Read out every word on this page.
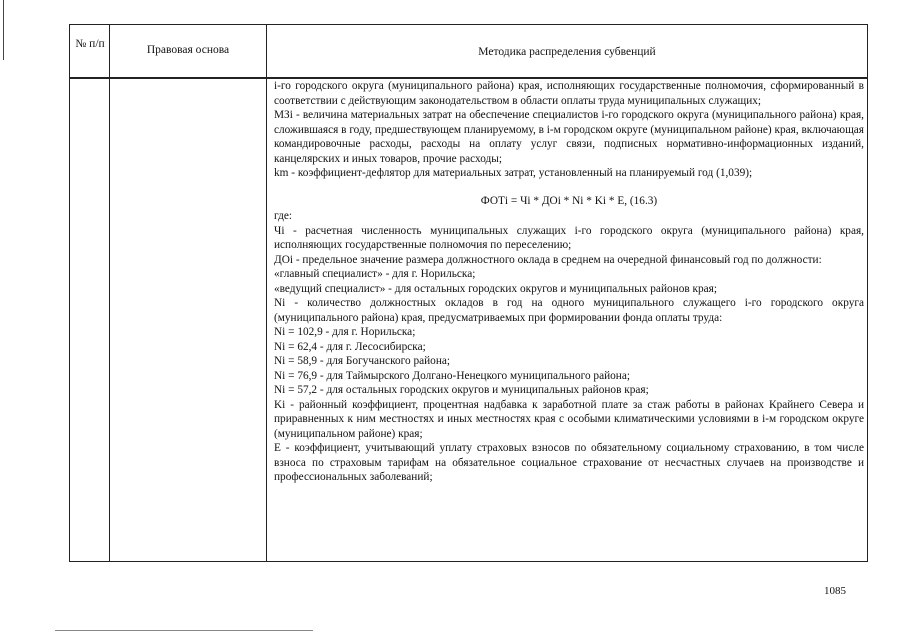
№ п/п	Правовая основа	Методика распределения субвенций

i-го городского округа (муниципального района) края, исполняющих государственные полномочия, сформированный в соответствии с действующим законодательством в области оплаты труда муниципальных служащих;

МЗi - величина материальных затрат на обеспечение специалистов i-го городского округа (муниципального района) края, сложившаяся в году, предшествующем планируемому, в i-м городском округе (муниципальном районе) края, включающая командировочные расходы, расходы на оплату услуг связи, подписных нормативно-информационных изданий, канцелярских и иных товаров, прочие расходы;

km - коэффициент-дефлятор для материальных затрат, установленный на планируемый год (1,039);

ФОТi = Чi * ДОi * Ni * Ki * Е, (16.3)

где:

Чi - расчетная численность муниципальных служащих i-го городского округа (муниципального района) края, исполняющих государственные полномочия по переселению;

ДОi - предельное значение размера должностного оклада в среднем на очередной финансовый год по должности:

«главный специалист» - для г. Норильска;

«ведущий специалист» - для остальных городских округов и муниципальных районов края;

Ni - количество должностных окладов в год на одного муниципального служащего i-го городского округа (муниципального района) края, предусматриваемых при формировании фонда оплаты труда:

Ni = 102,9 - для г. Норильска;

Ni = 62,4 - для г. Лесосибирска;

Ni = 58,9 - для Богучанского района;

Ni = 76,9 - для Таймырского Долгано-Ненецкого муниципального района;

Ni = 57,2 - для остальных городских округов и муниципальных районов края;

Ki - районный коэффициент, процентная надбавка к заработной плате за стаж работы в районах Крайнего Севера и приравненных к ним местностях и иных местностях края с особыми климатическими условиями в i-м городском округе (муниципальном районе) края;

Е - коэффициент, учитывающий уплату страховых взносов по обязательному социальному страхованию, в том числе взноса по страховым тарифам на обязательное социальное страхование от несчастных случаев на производстве и профессиональных заболеваний;

1085
